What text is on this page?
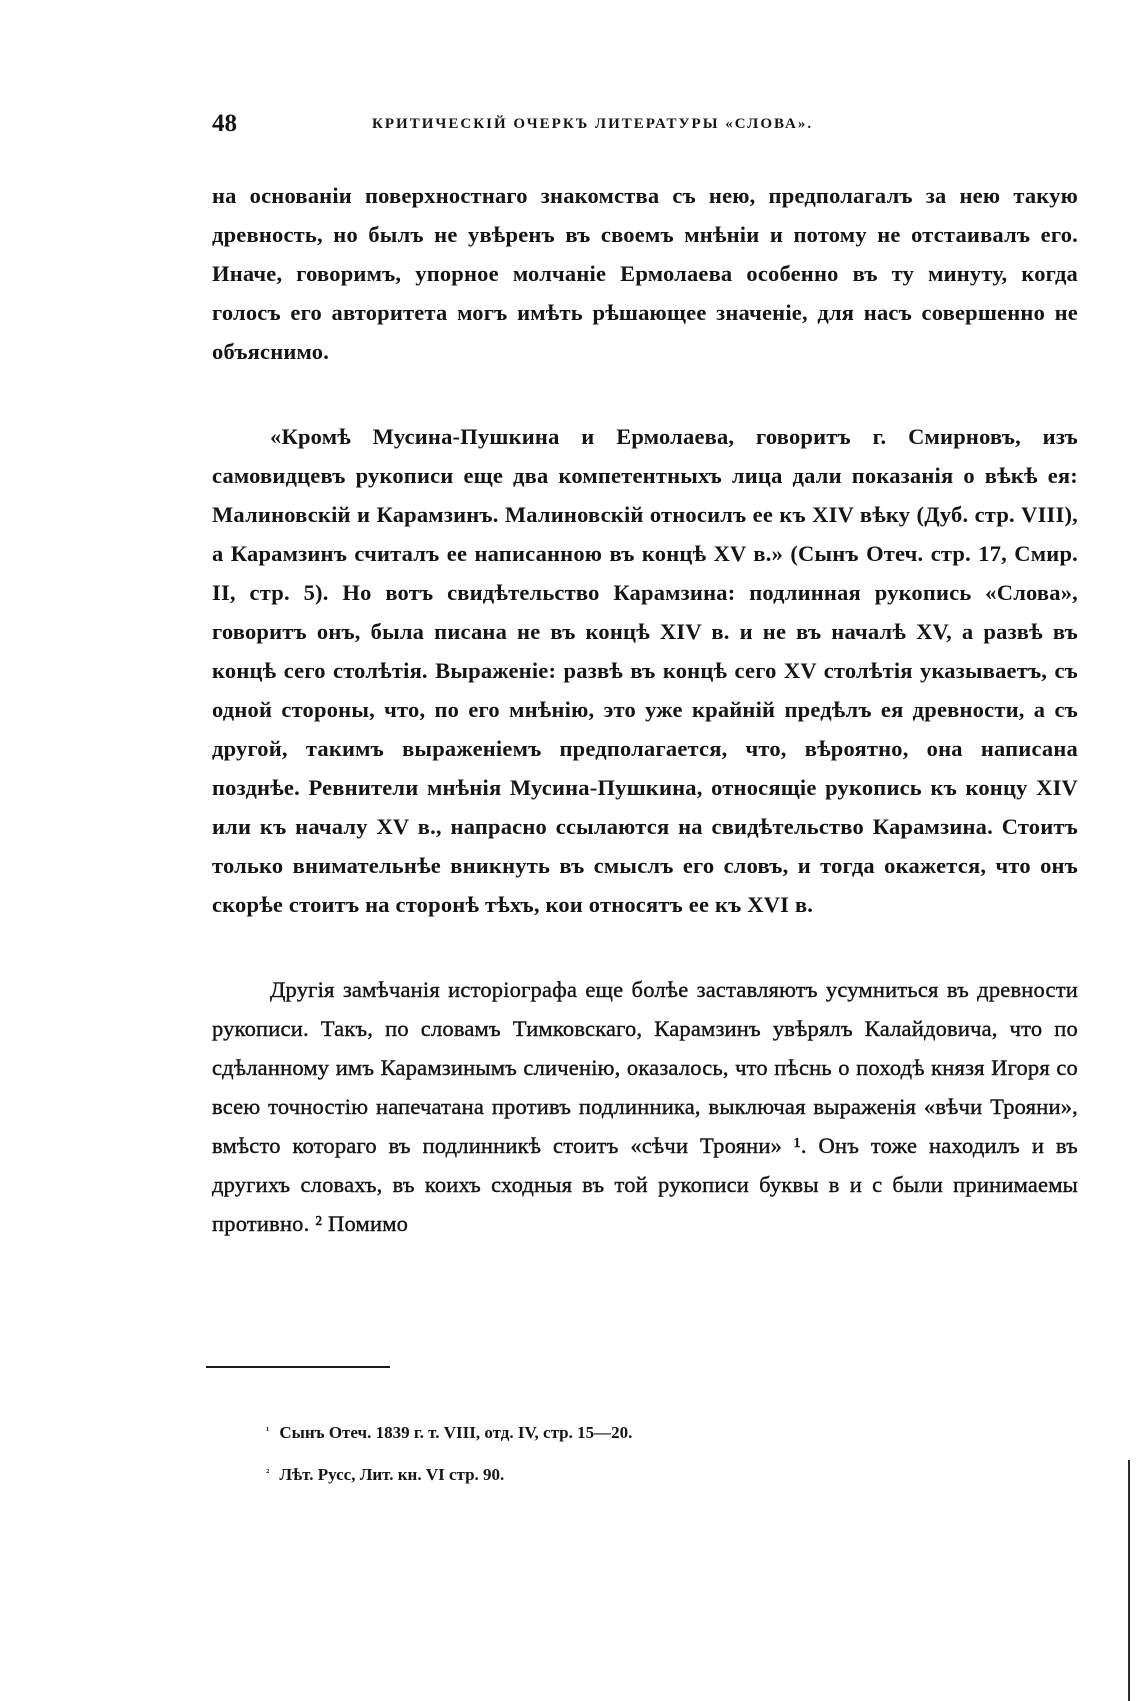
48	КРИТИЧЕСКІЙ ОЧЕРКЪ ЛИТЕРАТУРЫ «СЛОВА».

на основаніи поверхностнаго знакомства съ нею, предполагалъ за нею такую древность, но былъ не увѣренъ въ своемъ мнѣніи и потому не отстаивалъ его. Иначе, говоримъ, упорное молчаніе Ермолаева особенно въ ту минуту, когда голосъ его авторитета могъ имѣть рѣшающее значеніе, для насъ совершенно не объяснимо.

«Кромѣ Мусина-Пушкина и Ермолаева, говоритъ г. Смирновъ, изъ самовидцевъ рукописи еще два компетентныхъ лица дали показанія о вѣкѣ ея: Малиновскій и Карамзинъ. Малиновскій относилъ ее къ XIV вѣку (Дуб. стр. VIII), а Карамзинъ считалъ ее написанною въ концѣ XV в.» (Сынъ Отеч. стр. 17, Смир. II, стр. 5). Но вотъ свидѣтельство Карамзина: подлинная рукопись «Слова», говоритъ онъ, была писана не въ концѣ XIV в. и не въ началѣ XV, а развѣ въ концѣ сего столѣтія. Выраженіе: развѣ въ концѣ сего XV столѣтія указываетъ, съ одной стороны, что, по его мнѣнію, это уже крайній предѣлъ ея древности, а съ другой, такимъ выраженіемъ предполагается, что, вѣроятно, она написана позднѣе. Ревнители мнѣнія Мусина-Пушкина, относящіе рукопись къ концу XIV или къ началу XV в., напрасно ссылаются на свидѣтельство Карамзина. Стоитъ только внимательнѣе вникнуть въ смыслъ его словъ, и тогда окажется, что онъ скорѣе стоитъ на сторонѣ тѣхъ, кои относятъ ее къ XVI в.

Другія замѣчанія исторіографа еще болѣе заставляютъ усумниться въ древности рукописи. Такъ, по словамъ Тимковскаго, Карамзинъ увѣрялъ Калайдовича, что по сдѣланному имъ Карамзинымъ сличенію, оказалось, что пѣснь о походѣ князя Игоря со всею точностію напечатана противъ подлинника, выключая выраженія «вѣчи Трояни», вмѣсто котораго въ подлинникѣ стоитъ «сѣчи Трояни» ¹. Онъ тоже находилъ и въ другихъ словахъ, въ коихъ сходныя въ той рукописи буквы в и с были принимаемы противно. ² Помимо

$^{^1}$ Сынъ Отеч. 1839 г. т. VIII, отд. IV, стр. 15—20.
$^{^2}$ Лѣт. Русс, Лит. кн. VI стр. 90.
